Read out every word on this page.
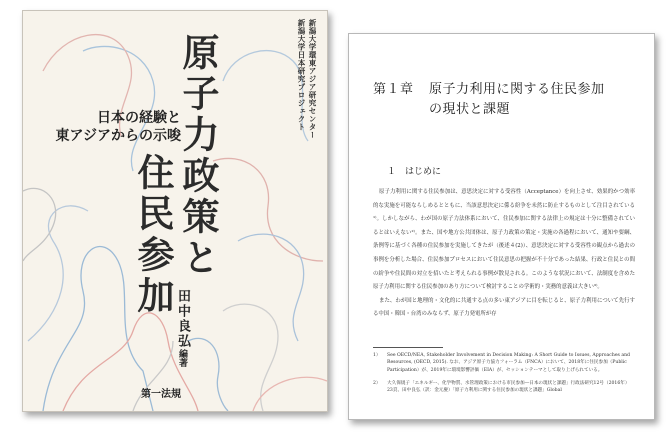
新潟大学環東アジア研究センター
新潟大学日本研究プロジェクト
原子力政策と
住民参加
日本の経験と
東アジアからの示唆
田中良弘編著
第一法規
第１章 原子力利用に関する住民参加
の現状と課題
１　はじめに
原子力利用に関する住民参加は、意思決定に対する受容性（Acceptance）を向上させ、効果的かつ効率的な実施を可能ならしめるとともに、当該意思決定に係る紛争を未然に防止するものとして注目されている¹⁾。しかしながら、わが国の原子力法体系において、住民参加に関する法律上の規定は十分に整備されているとはいえない²⁾。また、国や地方公共団体は、原子力政策の策定・実施の各過程において、通知や要綱、条例等に基づく各種の住民参加を実施してきたが（後述４(2)）、意思決定に対する受容性の観点から過去の事例を分析した場合、住民参加プロセスにおいて住民意思の把握が不十分であった結果、行政と住民との間の紛争や住民間の対立を招いたと考えられる事例が散見される。このような状況において、法制度を含めた原子力利用に関する住民参加のあり方について検討することの学術的・実務的意義は大きい³⁾。
また、わが国と地理的・文化的に共通する点の多い東アジアに目を転じると、原子力利用について先行する中国・韓国・台湾のみならず、原子力発電所が存
1）	See OECD/NEA, Stakeholder Involvement in Decision Making: A Short Guide to Issues, Approaches and Resources, (OECD, 2015). なお、アジア原子力協力フォーラム（FNCA）において、2018年に住民参加（Public Participation）が、2019年に環境影響評価（EIA）が、セッションテーマとして取り上げられている。
2）	大久保規子「エネルギー、化学物質、水管理政策における市民参加―日本の現状と課題」行政法研究12号（2016年）23頁、田中良弘（訳：金元慶）「原子力利用に関する住民参加の現状と課題」Global
